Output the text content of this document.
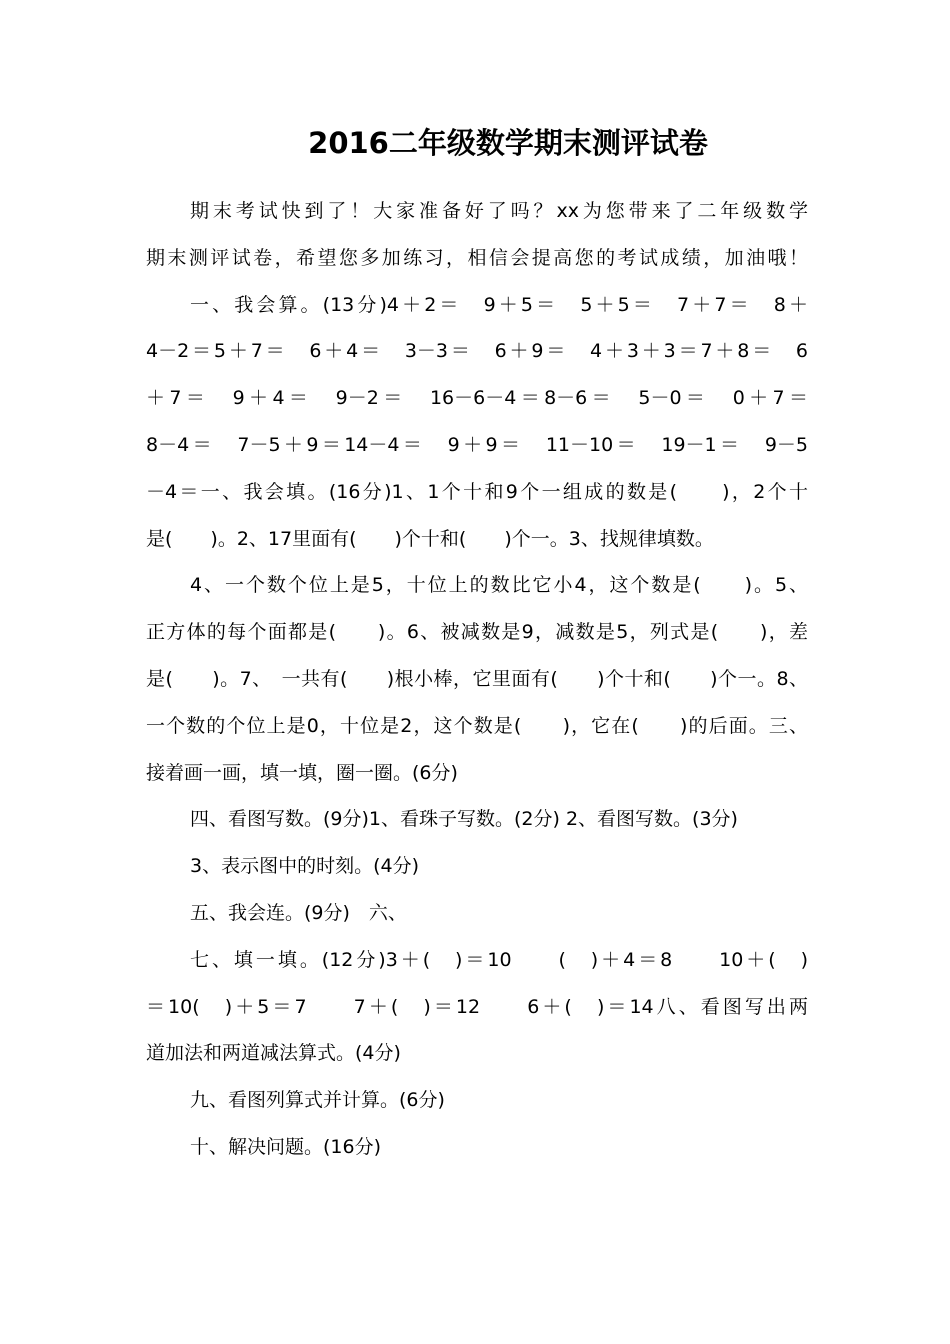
2016二年级数学期末测评试卷
期末考试快到了！大家准备好了吗？xx为您带来了二年级数学
期末测评试卷，希望您多加练习，相信会提高您的考试成绩，加油哦！
一、我会算。(13分)4＋2＝　9＋5＝　5＋5＝　7＋7＝　8＋
4－2＝5＋7＝　6＋4＝　3－3＝　6＋9＝　4＋3＋3＝7＋8＝　6
＋7＝　9＋4＝　9－2＝　16－6－4＝8－6＝　5－0＝　0＋7＝
8－4＝　7－5＋9＝14－4＝　9＋9＝　11－10＝　19－1＝　9－5
－4＝一、我会填。(16分)1、1个十和9个一组成的数是(　　)，2个十
是(　　)。2、17里面有(　　)个十和(　　)个一。3、找规律填数。
4、一个数个位上是5，十位上的数比它小4，这个数是(　　)。5、
正方体的每个面都是(　　)。6、被减数是9，减数是5，列式是(　　)，差
是(　　)。7、　一共有(　　)根小棒，它里面有(　　)个十和(　　)个一。8、
一个数的个位上是0，十位是2，这个数是(　　)，它在(　　)的后面。三、
接着画一画，填一填，圈一圈。(6分)
四、看图写数。(9分)1、看珠子写数。(2分) 2、看图写数。(3分)
3、表示图中的时刻。(4分)
五、我会连。(9分)　六、
七、填一填。(12分)3＋(　)＝10　　(　)＋4＝8　　10＋(　)
＝10(　)＋5＝7　　7＋(　)＝12　　6＋(　)＝14八、看图写出两
道加法和两道减法算式。(4分)
九、看图列算式并计算。(6分)
十、解决问题。(16分)
